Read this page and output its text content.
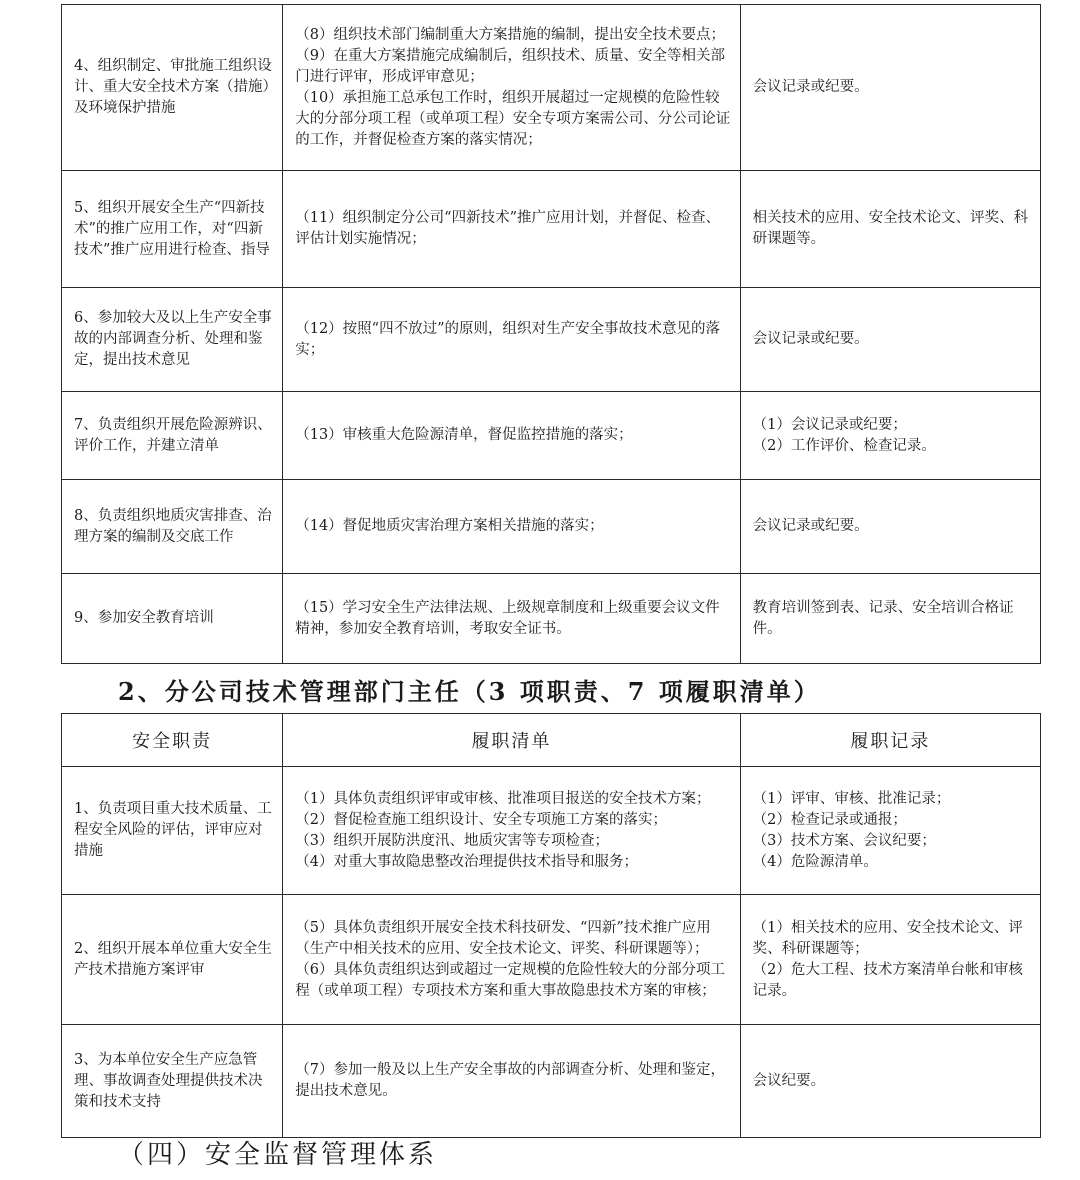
4、组织制定、审批施工组织设计、重大安全技术方案（措施）及环境保护措施	（8）组织技术部门编制重大方案措施的编制，提出安全技术要点；
（9）在重大方案措施完成编制后，组织技术、质量、安全等相关部门进行评审，形成评审意见；
（10）承担施工总承包工作时，组织开展超过一定规模的危险性较大的分部分项工程（或单项工程）安全专项方案需公司、分公司论证的工作，并督促检查方案的落实情况；	会议记录或纪要。
5、组织开展安全生产“四新技术”的推广应用工作，对“四新技术”推广应用进行检查、指导	（11）组织制定分公司“四新技术”推广应用计划，并督促、检查、评估计划实施情况；	相关技术的应用、安全技术论文、评奖、科研课题等。
6、参加较大及以上生产安全事故的内部调查分析、处理和鉴定，提出技术意见	（12）按照“四不放过”的原则，组织对生产安全事故技术意见的落实；	会议记录或纪要。
7、负责组织开展危险源辨识、评价工作，并建立清单	（13）审核重大危险源清单，督促监控措施的落实；	（1）会议记录或纪要；
（2）工作评价、检查记录。

8、负责组织地质灾害排查、治理方案的编制及交底工作	（14）督促地质灾害治理方案相关措施的落实；	会议记录或纪要。
9、参加安全教育培训	（15）学习安全生产法律法规、上级规章制度和上级重要会议文件精神，参加安全教育培训，考取安全证书。	教育培训签到表、记录、安全培训合格证件。
2、分公司技术管理部门主任（3 项职责、7 项履职清单）
安全职责	履职清单	履职记录
1、负责项目重大技术质量、工程安全风险的评估，评审应对措施	（1）具体负责组织评审或审核、批准项目报送的安全技术方案；
（2）督促检查施工组织设计、安全专项施工方案的落实；
（3）组织开展防洪度汛、地质灾害等专项检查；
（4）对重大事故隐患整改治理提供技术指导和服务；	（1）评审、审核、批准记录；
（2）检查记录或通报；
（3）技术方案、会议纪要；
（4）危险源清单。

2、组织开展本单位重大安全生产技术措施方案评审	（5）具体负责组织开展安全技术科技研发、“四新”技术推广应用（生产中相关技术的应用、安全技术论文、评奖、科研课题等）；
（6）具体负责组织达到或超过一定规模的危险性较大的分部分项工程（或单项工程）专项技术方案和重大事故隐患技术方案的审核；	（1）相关技术的应用、安全技术论文、评奖、科研课题等；
（2）危大工程、技术方案清单台帐和审核记录。

3、为本单位安全生产应急管理、事故调查处理提供技术决策和技术支持	（7）参加一般及以上生产安全事故的内部调查分析、处理和鉴定，提出技术意见。	会议纪要。
（四）安全监督管理体系
